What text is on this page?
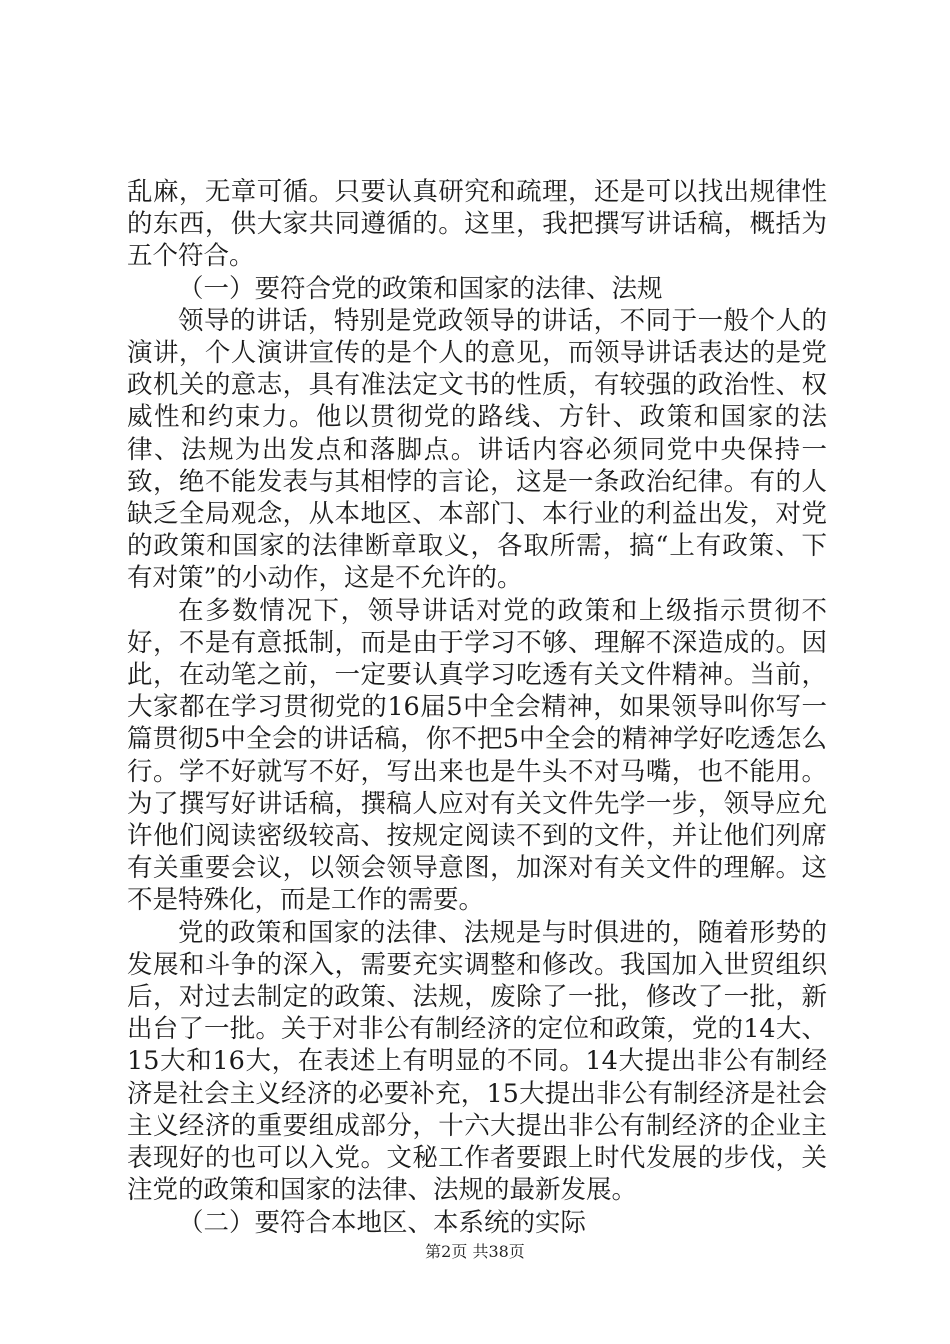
乱麻，无章可循。只要认真研究和疏理，还是可以找出规律性的东西，供大家共同遵循的。这里，我把撰写讲话稿，概括为五个符合。

（一）要符合党的政策和国家的法律、法规

领导的讲话，特别是党政领导的讲话，不同于一般个人的演讲，个人演讲宣传的是个人的意见，而领导讲话表达的是党政机关的意志，具有准法定文书的性质，有较强的政治性、权威性和约束力。他以贯彻党的路线、方针、政策和国家的法律、法规为出发点和落脚点。讲话内容必须同党中央保持一致，绝不能发表与其相悖的言论，这是一条政治纪律。有的人缺乏全局观念，从本地区、本部门、本行业的利益出发，对党的政策和国家的法律断章取义，各取所需，搞“上有政策、下有对策”的小动作，这是不允许的。

在多数情况下，领导讲话对党的政策和上级指示贯彻不好，不是有意抵制，而是由于学习不够、理解不深造成的。因此，在动笔之前，一定要认真学习吃透有关文件精神。当前，大家都在学习贯彻党的16届5中全会精神，如果领导叫你写一篇贯彻5中全会的讲话稿，你不把5中全会的精神学好吃透怎么行。学不好就写不好，写出来也是牛头不对马嘴，也不能用。为了撰写好讲话稿，撰稿人应对有关文件先学一步，领导应允许他们阅读密级较高、按规定阅读不到的文件，并让他们列席有关重要会议，以领会领导意图，加深对有关文件的理解。这不是特殊化，而是工作的需要。

党的政策和国家的法律、法规是与时俱进的，随着形势的发展和斗争的深入，需要充实调整和修改。我国加入世贸组织后，对过去制定的政策、法规，废除了一批，修改了一批，新出台了一批。关于对非公有制经济的定位和政策，党的14大、15大和16大，在表述上有明显的不同。14大提出非公有制经济是社会主义经济的必要补充，15大提出非公有制经济是社会主义经济的重要组成部分，十六大提出非公有制经济的企业主表现好的也可以入党。文秘工作者要跟上时代发展的步伐，关注党的政策和国家的法律、法规的最新发展。

（二）要符合本地区、本系统的实际

第2页 共38页
